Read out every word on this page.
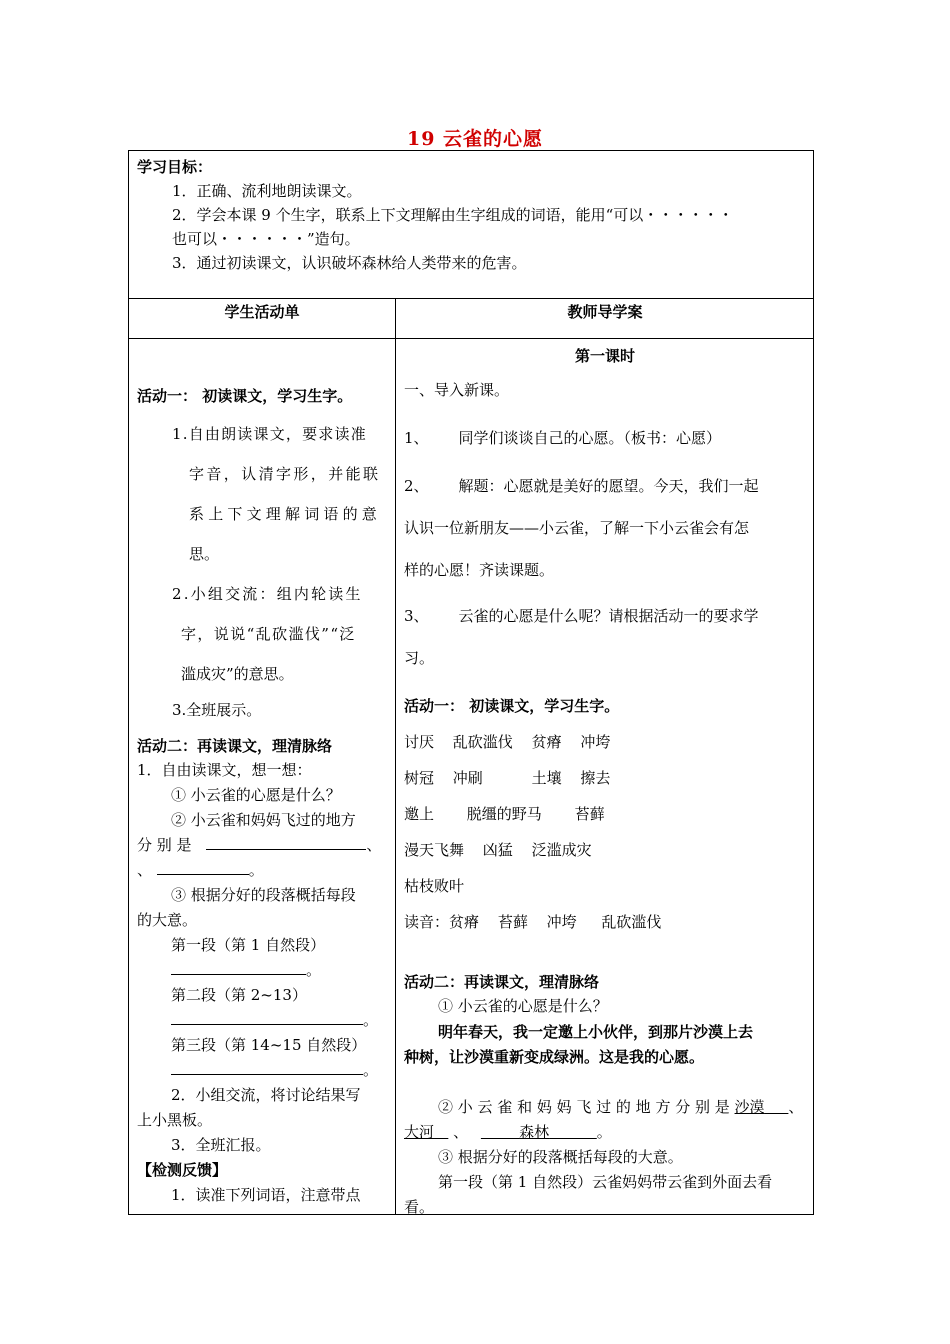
19 云雀的心愿
学习目标：
1．正确、流利地朗读课文。
2．学会本课 9 个生字，联系上下文理解由生字组成的词语，能用“可以・・・・・・
也可以・・・・・・”造句。
3．通过初读课文，认识破坏森林给人类带来的危害。
学生活动单	教师导学案
活动一： 初读课文，学习生字。
1.自由朗读课文，要求读准
字音，认清字形，并能联
系上下文理解词语的意
思。
2.小组交流：组内轮读生
字，说说“乱砍滥伐”“泛
滥成灾”的意思。
3.全班展示。
活动二：再读课文，理清脉络
1．自由读课文，想一想：
① 小云雀的心愿是什么？
② 小云雀和妈妈飞过的地方
分 别 是	、
、	。
③ 根据分好的段落概括每段
的大意。
第一段（第 1 自然段）
。
第二段（第 2~13）
。
第三段（第 14~15 自然段）
。
2．小组交流，将讨论结果写
上小黑板。
3．全班汇报。
【检测反馈】
1．读准下列词语，注意带点
第一课时
一、导入新课。
1、 同学们谈谈自己的心愿。（板书：心愿）
2、 解题：心愿就是美好的愿望。今天，我们一起
认识一位新朋友——小云雀，了解一下小云雀会有怎
样的心愿！齐读课题。
3、 云雀的心愿是什么呢？请根据活动一的要求学
习。
活动一： 初读课文，学习生字。
讨厌 乱砍滥伐 贫瘠 冲垮
树冠 冲刷	土壤 擦去
邀上 脱缰的野马 苔藓
漫天飞舞 凶猛 泛滥成灾
枯枝败叶
读音：贫瘠 苔藓 冲垮 乱砍滥伐
活动二：再读课文，理清脉络
① 小云雀的心愿是什么？
明年春天，我一定邀上小伙伴，到那片沙漠上去
种树，让沙漠重新变成绿洲。这是我的心愿。
② 小 云 雀 和 妈 妈 飞 过 的 地 方 分 别 是 沙漠 、
大河 、	森林	。
③ 根据分好的段落概括每段的大意。
第一段（第 1 自然段）云雀妈妈带云雀到外面去看
看。
